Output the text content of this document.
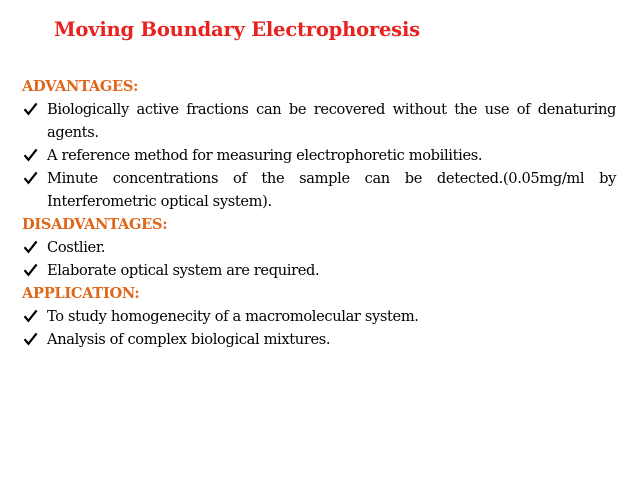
Moving Boundary Electrophoresis
ADVANTAGES:
Biologically active fractions can be recovered without the use of denaturing agents.
A reference method for measuring electrophoretic mobilities.
Minute concentrations of the sample can be detected.(0.05mg/ml by Interferometric optical system).
DISADVANTAGES:
Costlier.
Elaborate optical system are required.
APPLICATION:
To study homogenecity of a macromolecular system.
Analysis of complex biological mixtures.
